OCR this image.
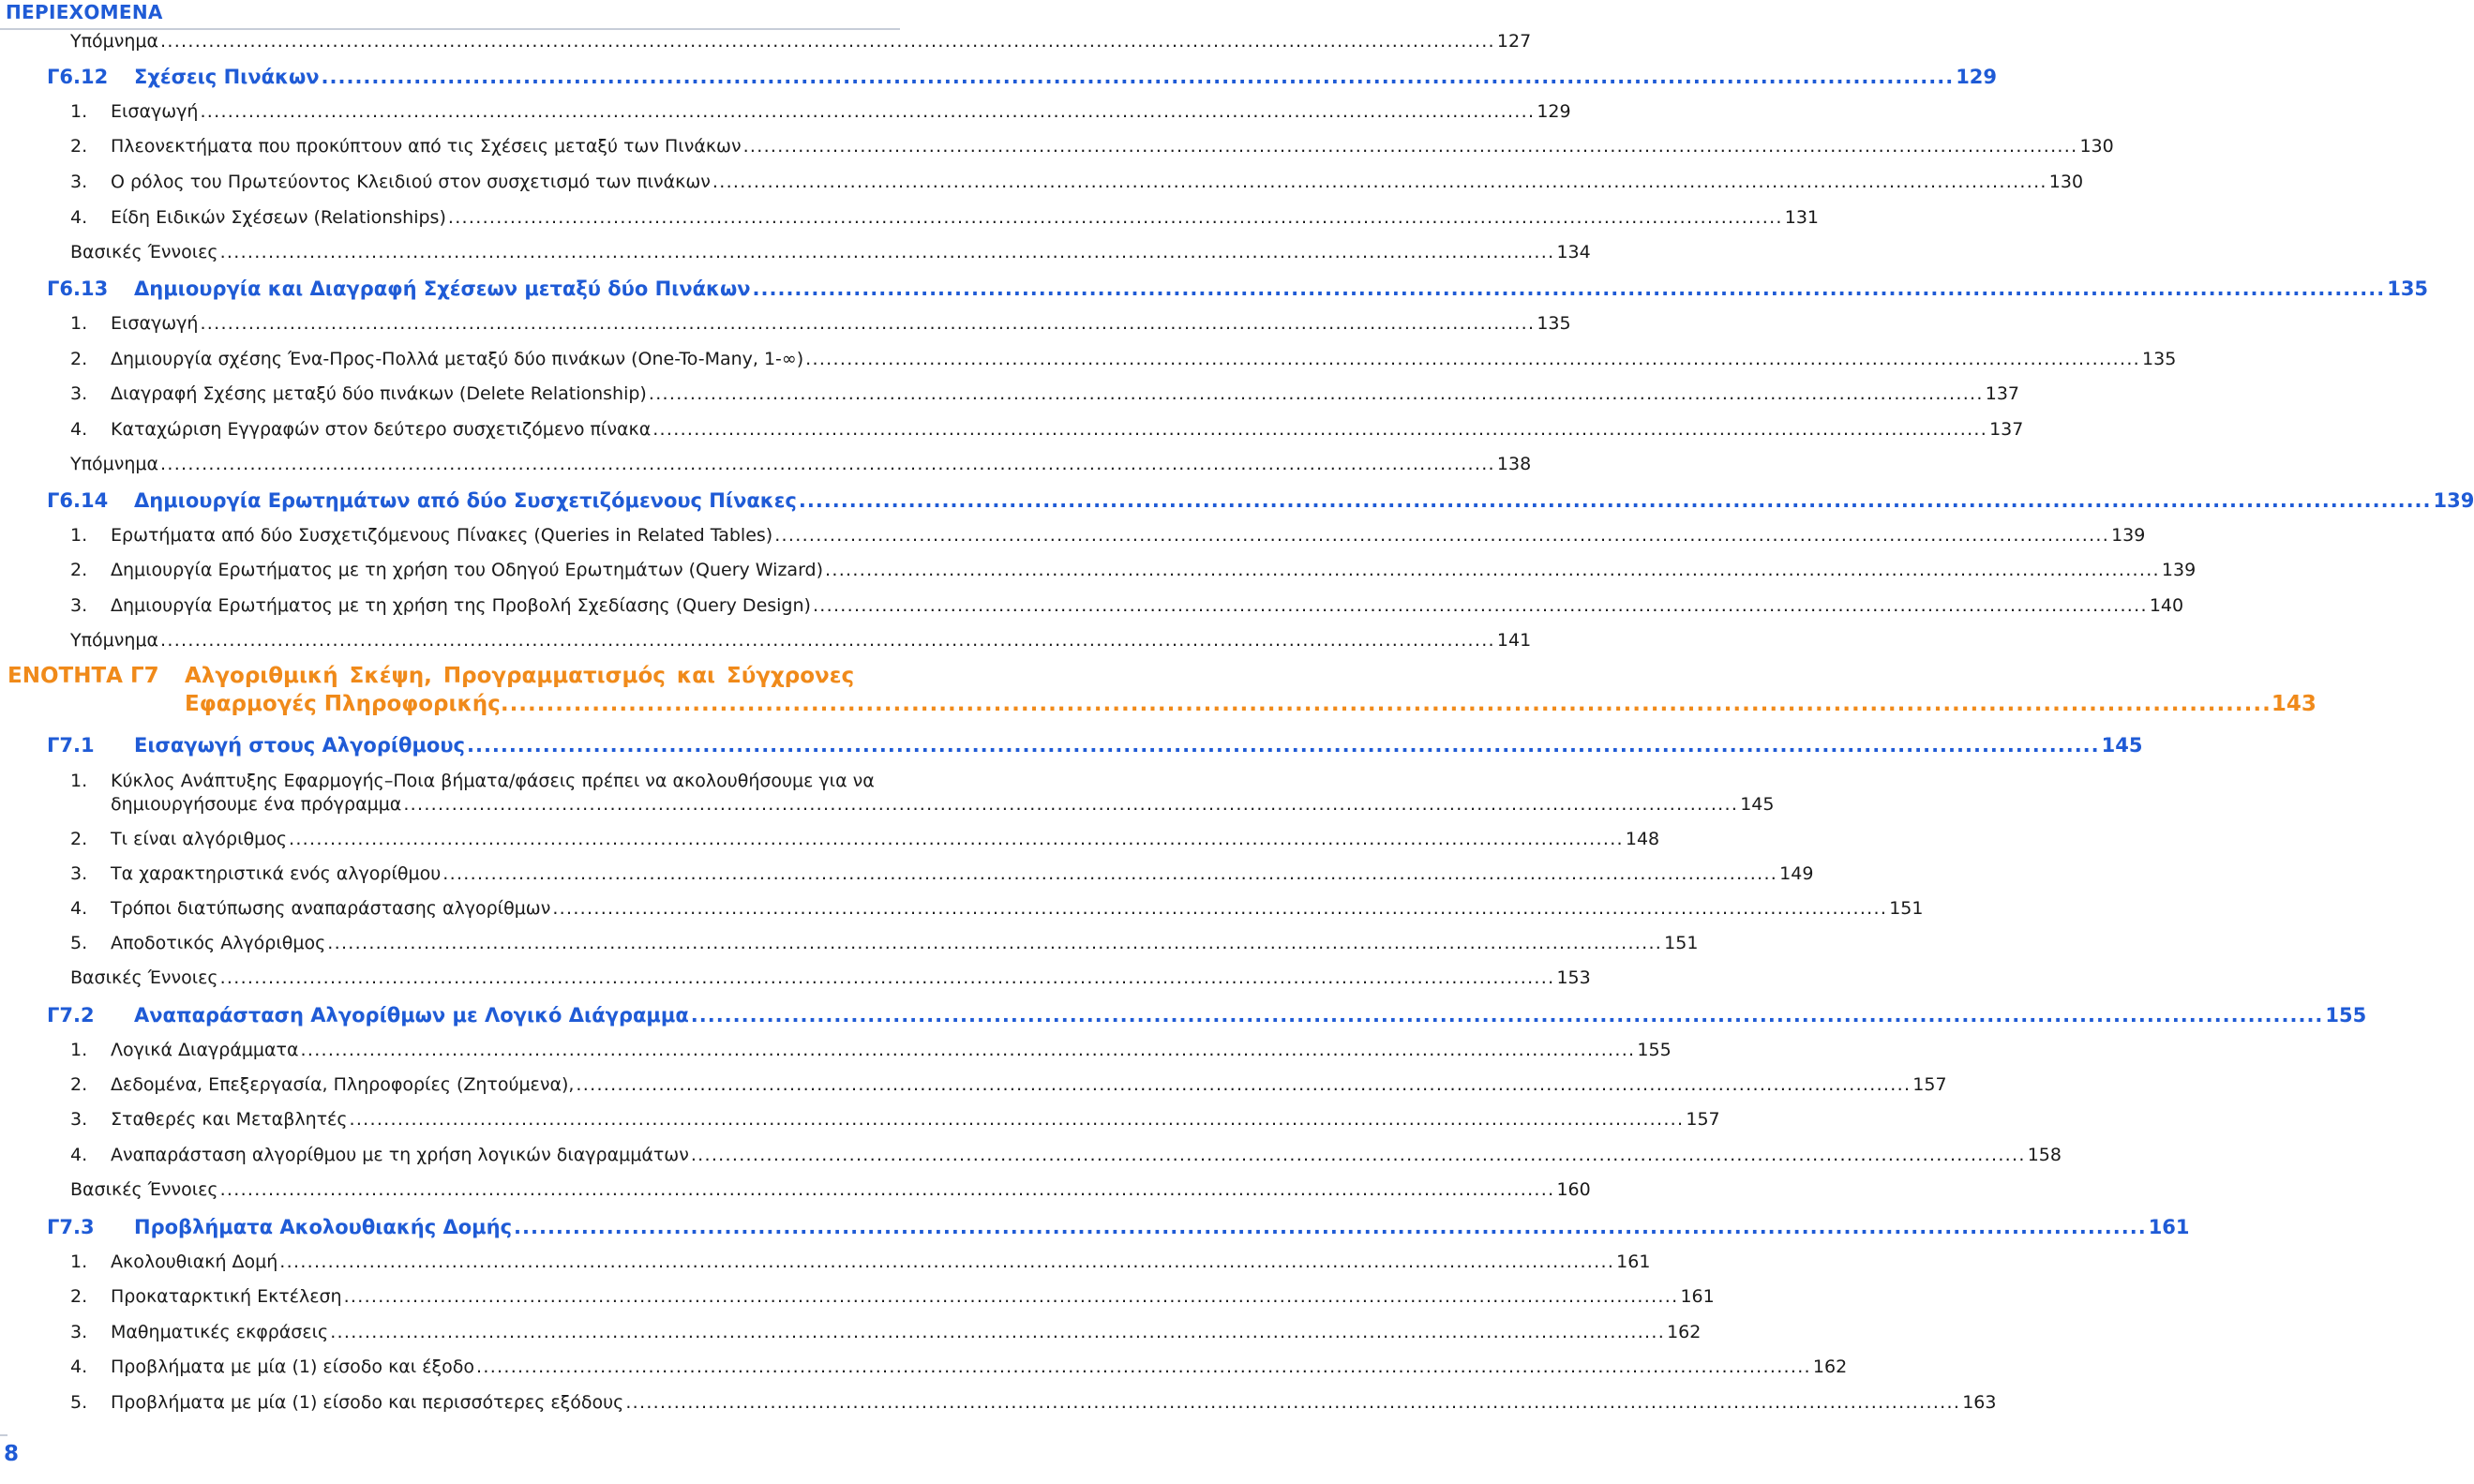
ΠΕΡΙΕΧΟΜΕΝΑ
Υπόμνημα .................................................................................................................................................................................................. 127
Γ6.12	Σχέσεις Πινάκων .................................................................................................................................................................................................. 129
1.	Εισαγωγή .................................................................................................................................................................................................. 129
2.	Πλεονεκτήματα που προκύπτουν από τις Σχέσεις μεταξύ των Πινάκων .................................................................................................................................................................................................. 130
3.	Ο ρόλος του Πρωτεύοντος Κλειδιού στον συσχετισμό των πινάκων .................................................................................................................................................................................................. 130
4.	Είδη Ειδικών Σχέσεων (Relationships) .................................................................................................................................................................................................. 131
Βασικές Έννοιες .................................................................................................................................................................................................. 134
Γ6.13	Δημιουργία και Διαγραφή Σχέσεων μεταξύ δύο Πινάκων .................................................................................................................................................................................................. 135
1.	Εισαγωγή .................................................................................................................................................................................................. 135
2.	Δημιουργία σχέσης Ένα-Προς-Πολλά μεταξύ δύο πινάκων (One-To-Many, 1-∞) .................................................................................................................................................................................................. 135
3.	Διαγραφή Σχέσης μεταξύ δύο πινάκων (Delete Relationship) .................................................................................................................................................................................................. 137
4.	Καταχώριση Εγγραφών στον δεύτερο συσχετιζόμενο πίνακα .................................................................................................................................................................................................. 137
Υπόμνημα .................................................................................................................................................................................................. 138
Γ6.14	Δημιουργία Ερωτημάτων από δύο Συσχετιζόμενους Πίνακες .................................................................................................................................................................................................. 139
1.	Ερωτήματα από δύο Συσχετιζόμενους Πίνακες (Queries in Related Tables) .................................................................................................................................................................................................. 139
2.	Δημιουργία Ερωτήματος με τη χρήση του Οδηγού Ερωτημάτων (Query Wizard) .................................................................................................................................................................................................. 139
3.	Δημιουργία Ερωτήματος με τη χρήση της Προβολή Σχεδίασης (Query Design) .................................................................................................................................................................................................. 140
Υπόμνημα .................................................................................................................................................................................................. 141
Γ7.1	Εισαγωγή στους Αλγορίθμους .................................................................................................................................................................................................. 145
2.	Τι είναι αλγόριθμος .................................................................................................................................................................................................. 148
3.	Τα χαρακτηριστικά ενός αλγορίθμου .................................................................................................................................................................................................. 149
4.	Τρόποι διατύπωσης αναπαράστασης αλγορίθμων .................................................................................................................................................................................................. 151
5.	Αποδοτικός Αλγόριθμος .................................................................................................................................................................................................. 151
Βασικές Έννοιες .................................................................................................................................................................................................. 153
Γ7.2	Αναπαράσταση Αλγορίθμων με Λογικό Διάγραμμα .................................................................................................................................................................................................. 155
1.	Λογικά Διαγράμματα .................................................................................................................................................................................................. 155
2.	Δεδομένα, Επεξεργασία, Πληροφορίες (Ζητούμενα), .................................................................................................................................................................................................. 157
3.	Σταθερές και Μεταβλητές .................................................................................................................................................................................................. 157
4.	Αναπαράσταση αλγορίθμου με τη χρήση λογικών διαγραμμάτων .................................................................................................................................................................................................. 158
Βασικές Έννοιες .................................................................................................................................................................................................. 160
Γ7.3	Προβλήματα Ακολουθιακής Δομής .................................................................................................................................................................................................. 161
1.	Ακολουθιακή Δομή .................................................................................................................................................................................................. 161
2.	Προκαταρκτική Εκτέλεση .................................................................................................................................................................................................. 161
3.	Μαθηματικές εκφράσεις .................................................................................................................................................................................................. 162
4.	Προβλήματα με μία (1) είσοδο και έξοδο .................................................................................................................................................................................................. 162
5.	Προβλήματα με μία (1) είσοδο και περισσότερες εξόδους .................................................................................................................................................................................................. 163
ΕΝΟΤΗΤΑ Γ7 Αλγοριθμική Σκέψη, Προγραμματισμός και Σύγχρονες
Εφαρμογές Πληροφορικής .................................................................................................................................................................................................. 143
1. Κύκλος Ανάπτυξης Εφαρμογής–Ποια βήματα/φάσεις πρέπει να ακολουθήσουμε για να
δημιουργήσουμε ένα πρόγραμμα .................................................................................................................................................................................................. 145
8
